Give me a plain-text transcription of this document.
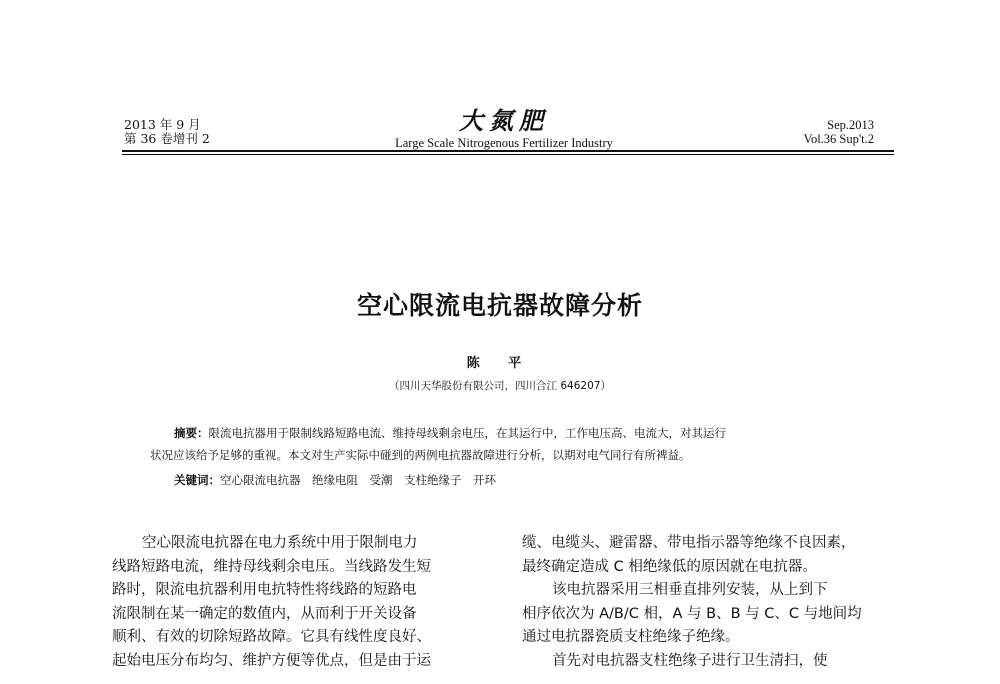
2013 年 9 月
第 36 卷增刊 2
大氮肥
Large Scale Nitrogenous Fertilizer Industry
Sep.2013
Vol.36 Sup't.2
空心限流电抗器故障分析
陈 平
（四川天华股份有限公司，四川合江 646207）
摘要：限流电抗器用于限制线路短路电流、维持母线剩余电压，在其运行中，工作电压高、电流大，对其运行
状况应该给予足够的重视。本文对生产实际中碰到的两例电抗器故障进行分析，以期对电气同行有所裨益。
关键词：空心限流电抗器　绝缘电阻　受潮　支柱绝缘子　开环
空心限流电抗器在电力系统中用于限制电力
线路短路电流，维持母线剩余电压。当线路发生短
路时，限流电抗器利用电抗特性将线路的短路电
流限制在某一确定的数值内，从而利于开关设备
顺利、有效的切除短路故障。它具有线性度良好、
起始电压分布均匀、维护方便等优点，但是由于运
缆、电缆头、避雷器、带电指示器等绝缘不良因素，
最终确定造成 C 相绝缘低的原因就在电抗器。
该电抗器采用三相垂直排列安装，从上到下
相序依次为 A/B/C 相，A 与 B、B 与 C、C 与地间均
通过电抗器瓷质支柱绝缘子绝缘。
首先对电抗器支柱绝缘子进行卫生清扫，使
